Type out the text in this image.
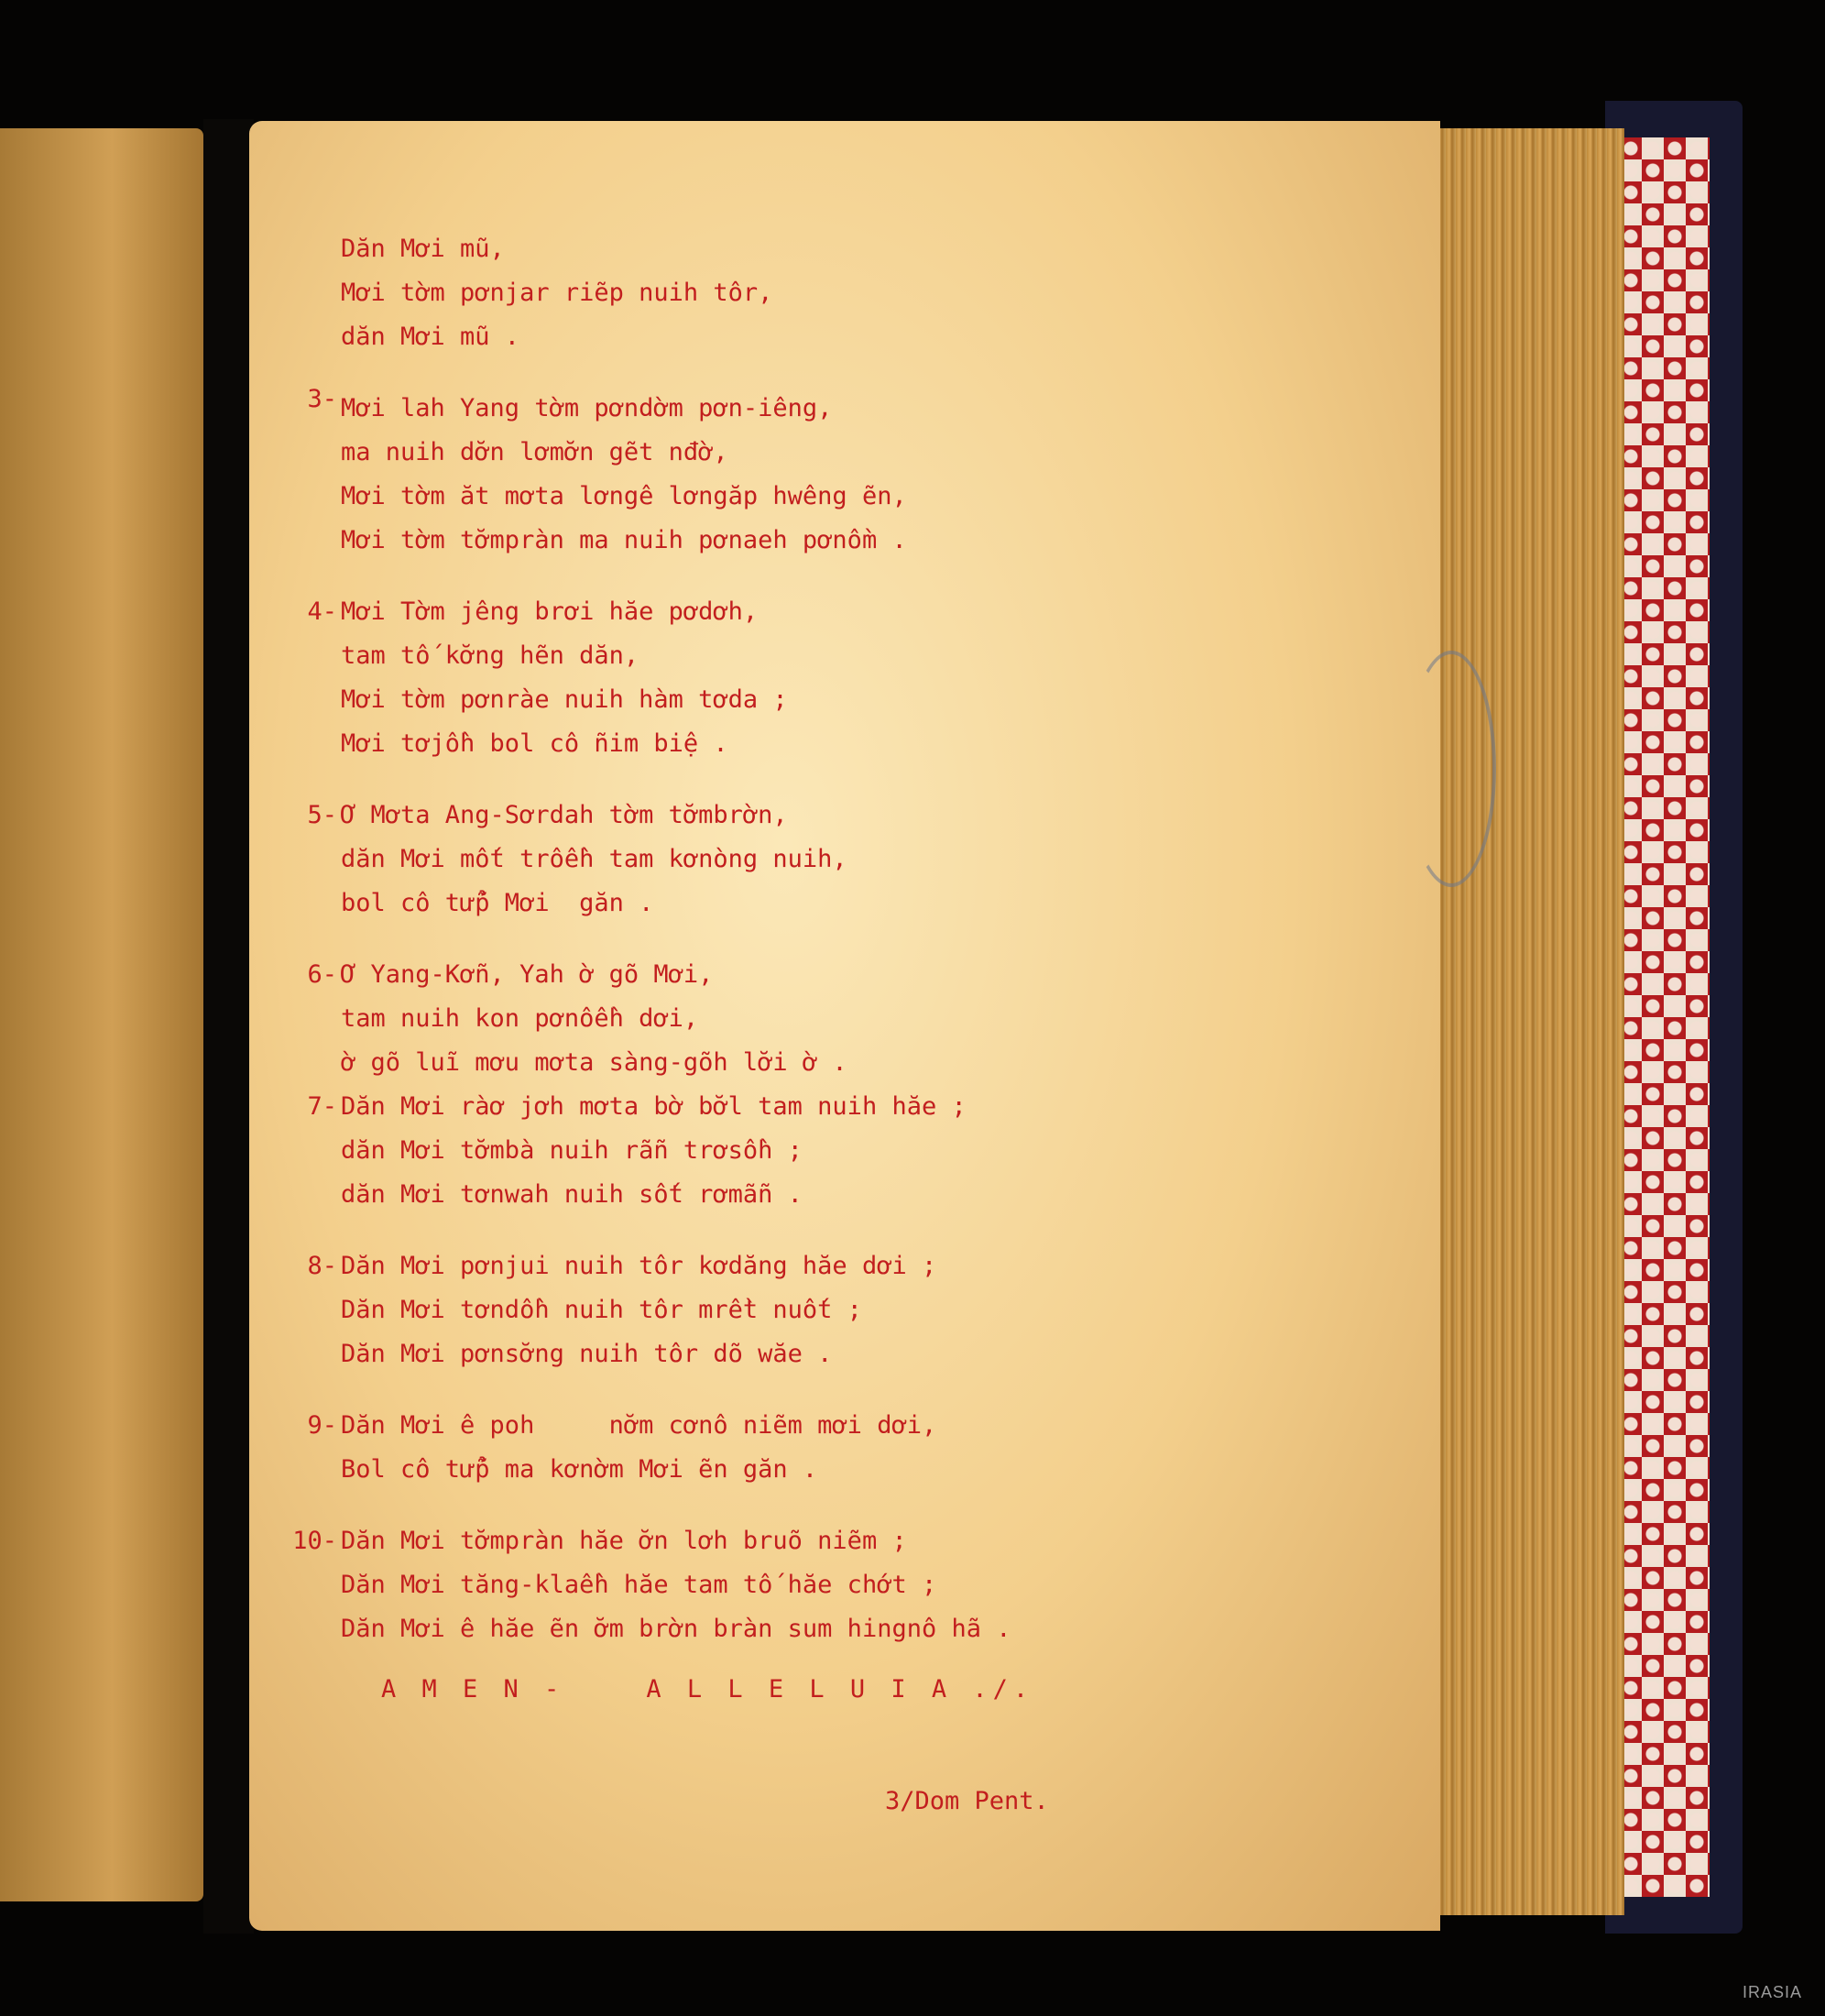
Dăn Mơi mũ,
Mơi tờm pơnjar riẽp nuih tôr,
dăn Mơi mũ .
3- Mơi lah Yang tờm pơndờm pơn-iêng,
ma nuih dơ̆n lơmơ̆n gẽt nđờ,
Mơi tờm ăt mơta lơngê lơngăp hwêng ẽn,
Mơi tờm tơ̆mpràn ma nuih pơnaeh pơnồm .
4- Mơi Tờm jêng brơi hăe pơdơh,
tam tố kơ̆ng hẽn dăn,
Mơi tờm pơnràe nuih hàm tơda ;
Mơi tơjồh bol cô ñim biệ .
5- Ơ Mơta Ang-Sơrdah tờm tơ̆mbrờn,
dăn Mơi mốt trôềh tam kơnòng nuih,
bol cô tử̃p Mơi  găn .
6- Ơ Yang-Kơñ, Yah ờ gõ Mơi,
tam nuih kon pơnôềh dơi,
ờ gõ luĩ mơu mơta sàng-gõh lơ̆i ờ .
7- Dăn Mơi ràơ jơh mơta bờ bơ̆l tam nuih hăe ;
dăn Mơi tơ̆mbà nuih rãñ trơsồh ;
dăn Mơi tơnwah nuih sốt rơmãñ .
8- Dăn Mơi pơnjui nuih tôr kơdăng hăe dơi ;
Dăn Mơi tơndồh nuih tôr mrềt nuốt ;
Dăn Mơi pơnsơ̆ng nuih tôr dõ wăe .
9- Dăn Mơi ê poh     nơ̆m cơnô niẽm mơi dơi,
Bol cô tử̃p ma kơnờm Mơi ẽn găn .
10- Dăn Mơi tơ̆mpràn hăe ơ̆n lơh bruõ niẽm ;
Dăn Mơi tăng-klaềh hăe tam tố hăe chớt ;
Dăn Mơi ê hăe ẽn ơ̆m brờn bràn sum hingnô hã .
A M E N -    A L L E L U I A ./.
3/Dom Pent.
IRASIA
